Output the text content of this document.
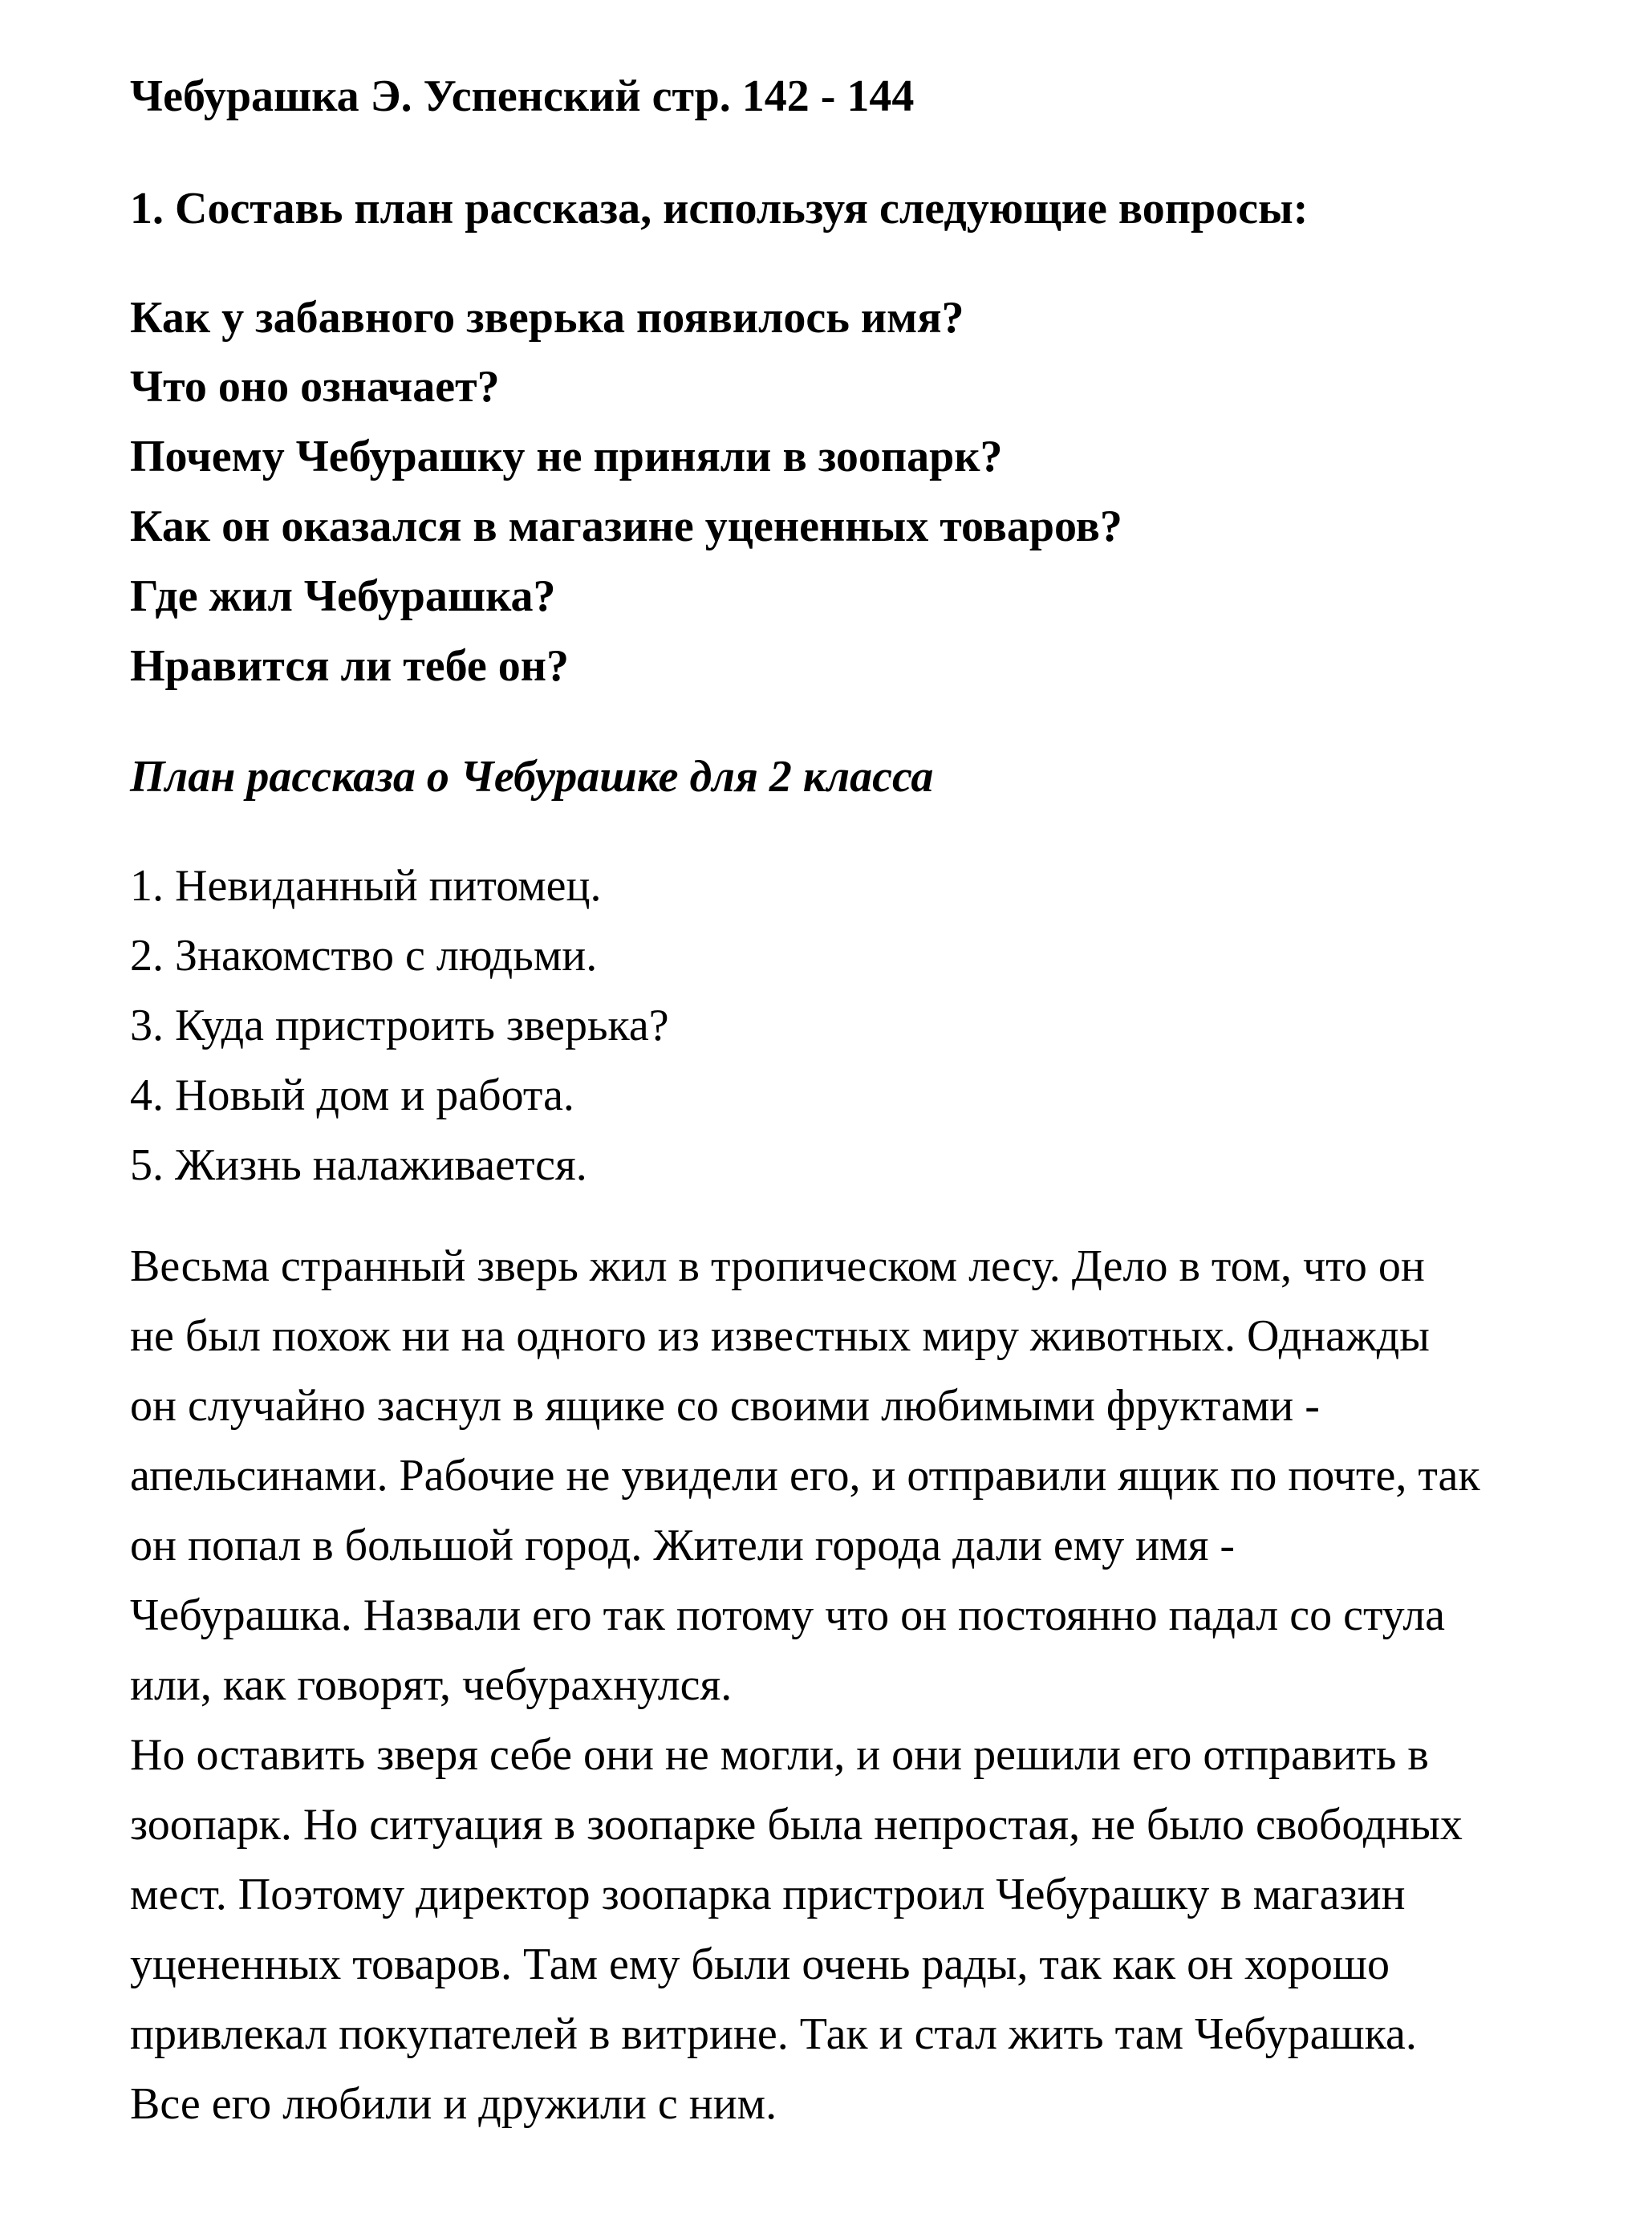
Чебурашка Э. Успенский стр. 142 - 144
1. Составь план рассказа, используя следующие вопросы:
Как у забавного зверька появилось имя?
Что оно означает?
Почему Чебурашку не приняли в зоопарк?
Как он оказался в магазине уцененных товаров?
Где жил Чебурашка?
Нравится ли тебе он?
План рассказа о Чебурашке для 2 класса
1. Невиданный питомец.
2. Знакомство с людьми.
3. Куда пристроить зверька?
4. Новый дом и работа.
5. Жизнь налаживается.

Весьма странный зверь жил в тропическом лесу. Дело в том, что он
не был похож ни на одного из известных миру животных. Однажды
он случайно заснул в ящике со своими любимыми фруктами -
апельсинами. Рабочие не увидели его, и отправили ящик по почте, так
он попал в большой город. Жители города дали ему имя -
Чебурашка. Назвали его так потому что он постоянно падал со стула
или, как говорят, чебурахнулся.

Но оставить зверя себе они не могли, и они решили его отправить в
зоопарк. Но ситуация в зоопарке была непростая, не было свободных
мест. Поэтому директор зоопарка пристроил Чебурашку в магазин
уцененных товаров. Там ему были очень рады, так как он хорошо
привлекал покупателей в витрине. Так и стал жить там Чебурашка.
Все его любили и дружили с ним.
